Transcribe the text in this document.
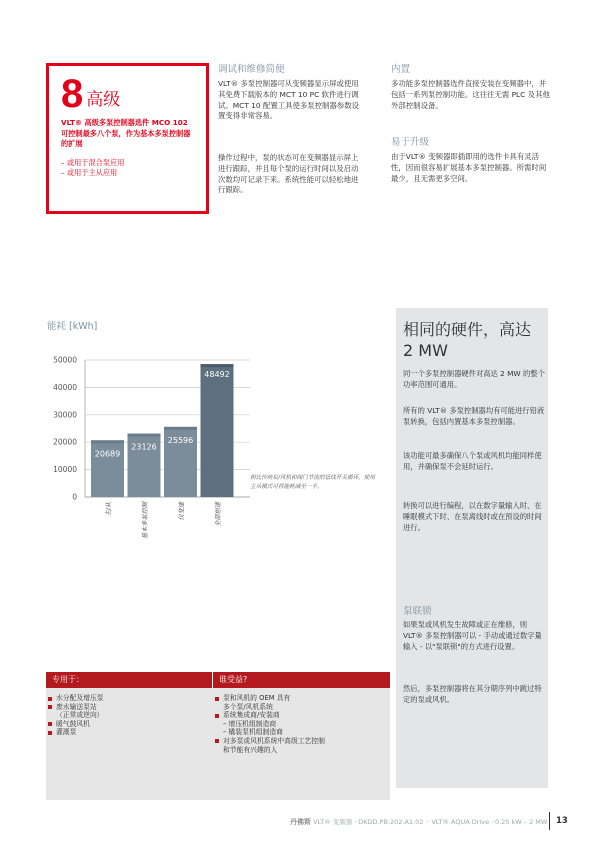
8 高级
VLT® 高级多泵控制器选件 MCO 102 可控制最多八个泵，作为基本多泵控制器的扩展
– 或用于混合泵应用
– 或用于主从应用
调试和维修简便
VLT® 多泵控制器可从变频器显示屏或使用其免费下载版本的 MCT 10 PC 软件进行调试。MCT 10 配置工具使多泵控制器参数设置变得非常容易。
操作过程中，泵的状态可在变频器显示屏上进行跟踪，并且每个泵的运行时间以及启动次数均可记录下来。系统性能可以轻松地进行跟踪。
内置
多功能多泵控制器选件直接安装在变频器中，并包括一系列泵控制功能。这往往无需 PLC 及其他外部控制设备。
易于升级
由于VLT® 变频器即插即用的选件卡具有灵活性，因而很容易扩展基本多泵控制器。所需时间最少，且无需更多空间。
能耗 [kWh]
0
10000
20000
30000
40000
50000
20689
主/从
23126
基本多泵控制
25596
仅变速
48492
全部恒速
相比传统泵/风机和阀门节流的管线开关循环，使用主从模式可将能耗减至一半。
相同的硬件，高达 2 MW
同一个多泵控制器硬件对高达 2 MW 的整个功率范围可通用。
所有的 VLT® 多泵控制器均有可能进行铅液泵转换，包括内置基本多泵控制器。
该功能可最多确保八个泵或风机均能同样使用，并确保泵不会延时运行。
转换可以进行编程，以在数字量输入时、在睡眠模式下时、在泵离线时或在预设的时间进行。
泵联锁
如果泵或风机发生故障或正在维修，则 VLT® 多泵控制器可以 - 手动或通过数字量输入 - 以"泵联锁"的方式进行设置。
然后，多泵控制器将在其分期序列中跳过特定的泵或风机。
专用于：	谁受益?
水分配及增压泵
废水输送泵站
（正常或逆向）
暖气鼓风机
灌溉泵
泵和风机的 OEM 具有
多个泵/风机系统
系统集成商/安装商
– 增压机组制造商
– 橇装泵机组制造商
对多泵或风机系统中高级工艺控制
和节能有兴趣的人
丹佛斯 VLT® 变频器 ◦DKDD.PB.202.A1.02 ◦ VLT® AQUA Drive ◦0.25 kW – 2 MW 13
